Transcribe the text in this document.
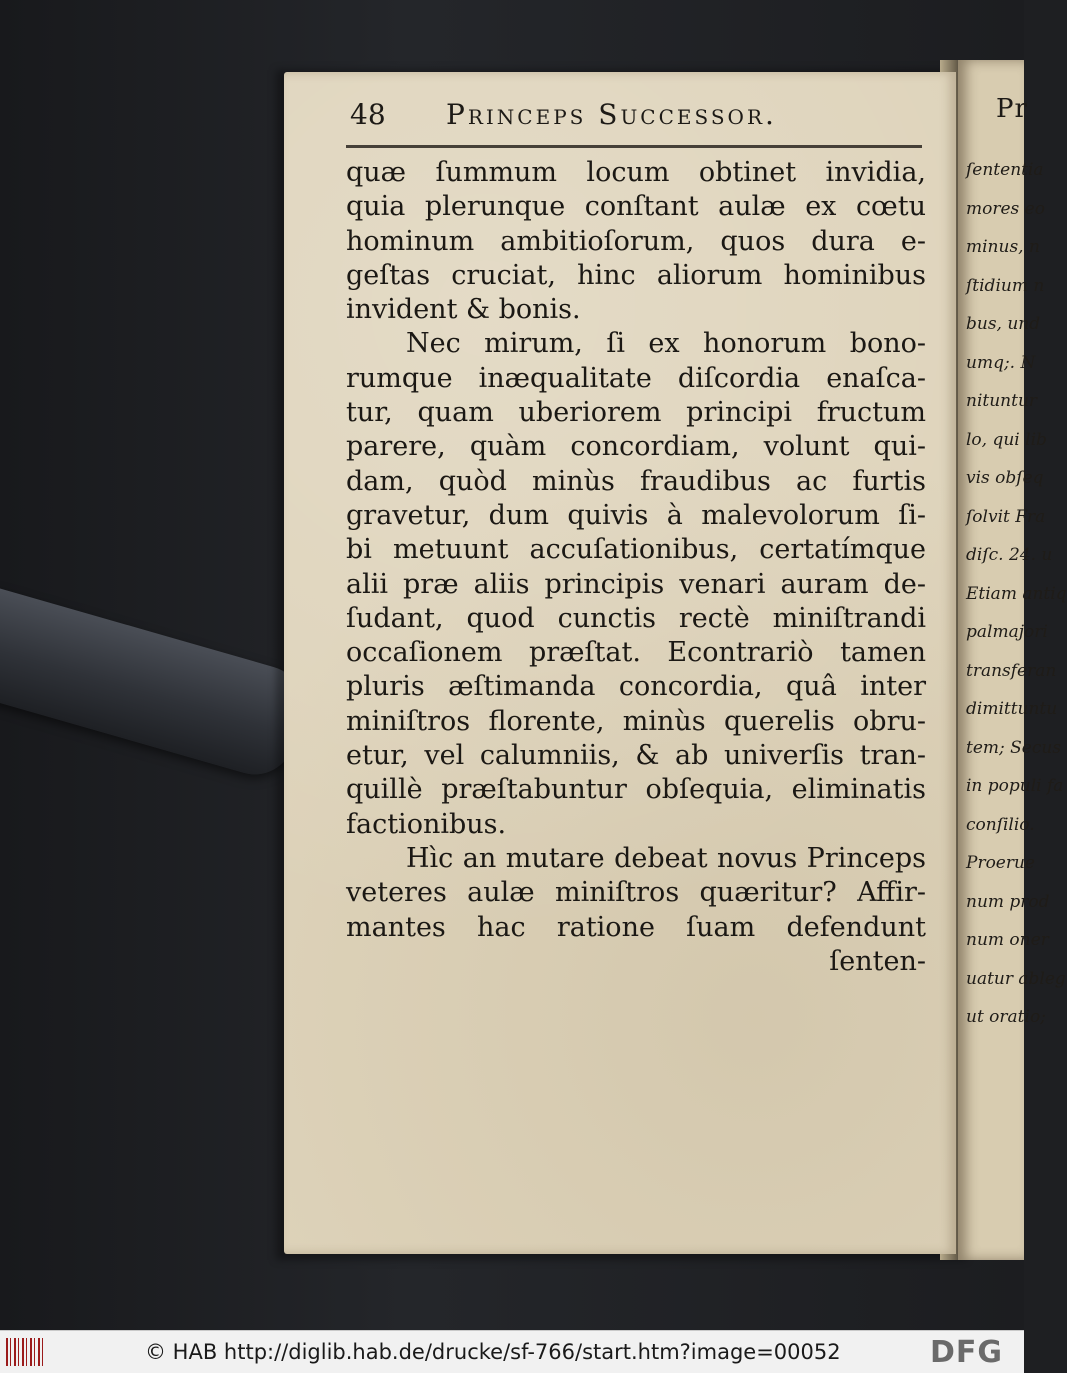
Pr
ſententia
mores eo
minus, n
ſtidium n
bus, und
umq;. N
nituntur
lo, qui lib
vis obſeq
ſolvit Fra
diſc. 24. u
Etiam antiq
palmajori
transferan
dimittuntu
tem; Secus
in populi fa
conſilio.
Proerue
num prod
num oner
uatur ableg
ut oratio;
48 Princeps Successor.
quæ ſummum locum obtinet invidia,
quia plerunque conſtant aulæ ex cœtu
hominum ambitioſorum, quos dura e-
geſtas cruciat, hinc aliorum hominibus
invident & bonis.
Nec mirum, ſi ex honorum bono-
rumque inæqualitate diſcordia enaſca-
tur, quam uberiorem principi fructum
parere, quàm concordiam, volunt qui-
dam, quòd minùs fraudibus ac furtis
gravetur, dum quivis à malevolorum ſi-
bi metuunt accuſationibus, certatímque
alii præ aliis principis venari auram de-
ſudant, quod cunctis rectè miniſtrandi
occaſionem præſtat. Econtrariò tamen
pluris æſtimanda concordia, quâ inter
miniſtros florente, minùs querelis obru-
etur, vel calumniis, & ab univerſis tran-
quillè præſtabuntur obſequia, eliminatis
factionibus.
Hìc an mutare debeat novus Princeps
veteres aulæ miniſtros quæritur? Affir-
mantes hac ratione ſuam defendunt
ſenten-
© HAB http://diglib.hab.de/drucke/sf-766/start.htm?image=00052	DFG
